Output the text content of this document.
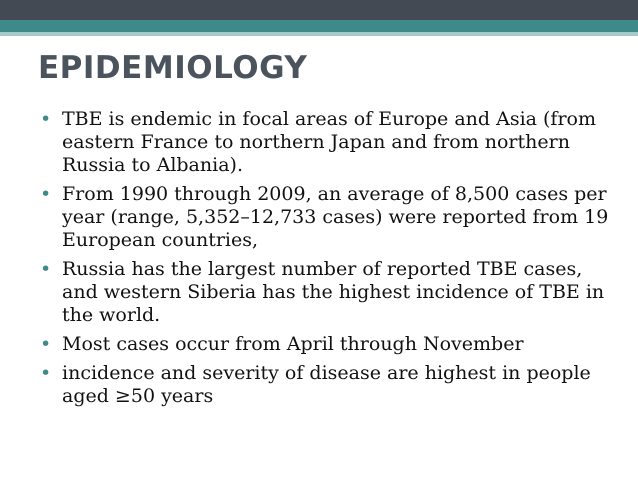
EPIDEMIOLOGY
• TBE is endemic in focal areas of Europe and Asia (from eastern France to northern Japan and from northern Russia to Albania).
• From 1990 through 2009, an average of 8,500 cases per year (range, 5,352–12,733 cases) were reported from 19 European countries,
• Russia has the largest number of reported TBE cases, and western Siberia has the highest incidence of TBE in the world.
• Most cases occur from April through November
• incidence and severity of disease are highest in people aged ≥50 years
